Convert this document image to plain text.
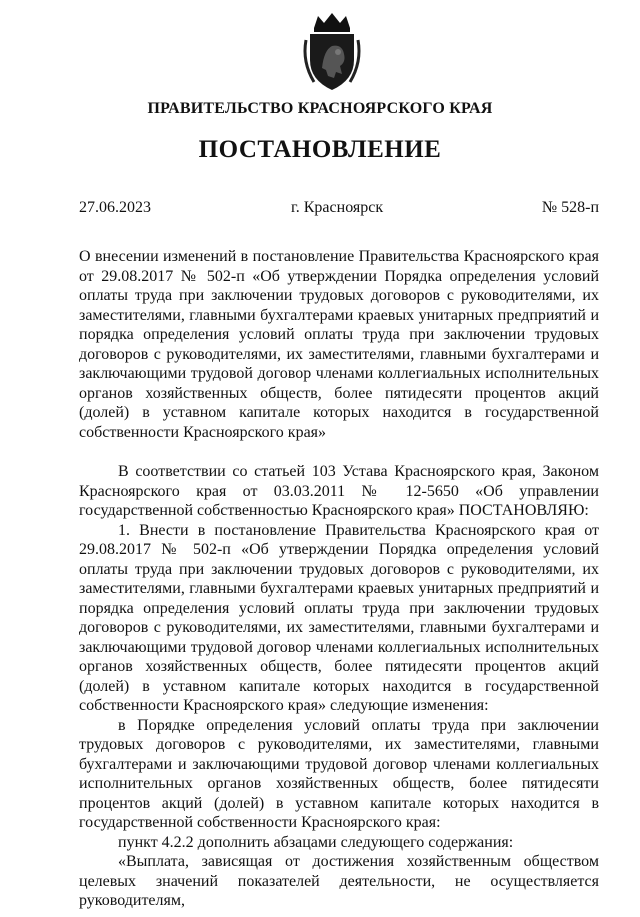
ПРАВИТЕЛЬСТВО КРАСНОЯРСКОГО КРАЯ
ПОСТАНОВЛЕНИЕ
27.06.2023	г. Красноярск	№ 528-п
О внесении изменений в постановление Правительства Красноярского края от 29.08.2017 № 502-п «Об утверждении Порядка определения условий оплаты труда при заключении трудовых договоров с руководителями, их заместителями, главными бухгалтерами краевых унитарных предприятий и порядка определения условий оплаты труда при заключении трудовых договоров с руководителями, их заместителями, главными бухгалтерами и заключающими трудовой договор членами коллегиальных исполнительных органов хозяйственных обществ, более пятидесяти процентов акций (долей) в уставном капитале которых находится в государственной собственности Красноярского края»

В соответствии со статьей 103 Устава Красноярского края, Законом Красноярского края от 03.03.2011 № 12-5650 «Об управлении государственной собственностью Красноярского края» ПОСТАНОВЛЯЮ:

1. Внести в постановление Правительства Красноярского края от 29.08.2017 № 502-п «Об утверждении Порядка определения условий оплаты труда при заключении трудовых договоров с руководителями, их заместителями, главными бухгалтерами краевых унитарных предприятий и порядка определения условий оплаты труда при заключении трудовых договоров с руководителями, их заместителями, главными бухгалтерами и заключающими трудовой договор членами коллегиальных исполнительных органов хозяйственных обществ, более пятидесяти процентов акций (долей) в уставном капитале которых находится в государственной собственности Красноярского края» следующие изменения:

в Порядке определения условий оплаты труда при заключении трудовых договоров с руководителями, их заместителями, главными бухгалтерами и заключающими трудовой договор членами коллегиальных исполнительных органов хозяйственных обществ, более пятидесяти процентов акций (долей) в уставном капитале которых находится в государственной собственности Красноярского края:

пункт 4.2.2 дополнить абзацами следующего содержания:

«Выплата, зависящая от достижения хозяйственным обществом целевых значений показателей деятельности, не осуществляется руководителям,
